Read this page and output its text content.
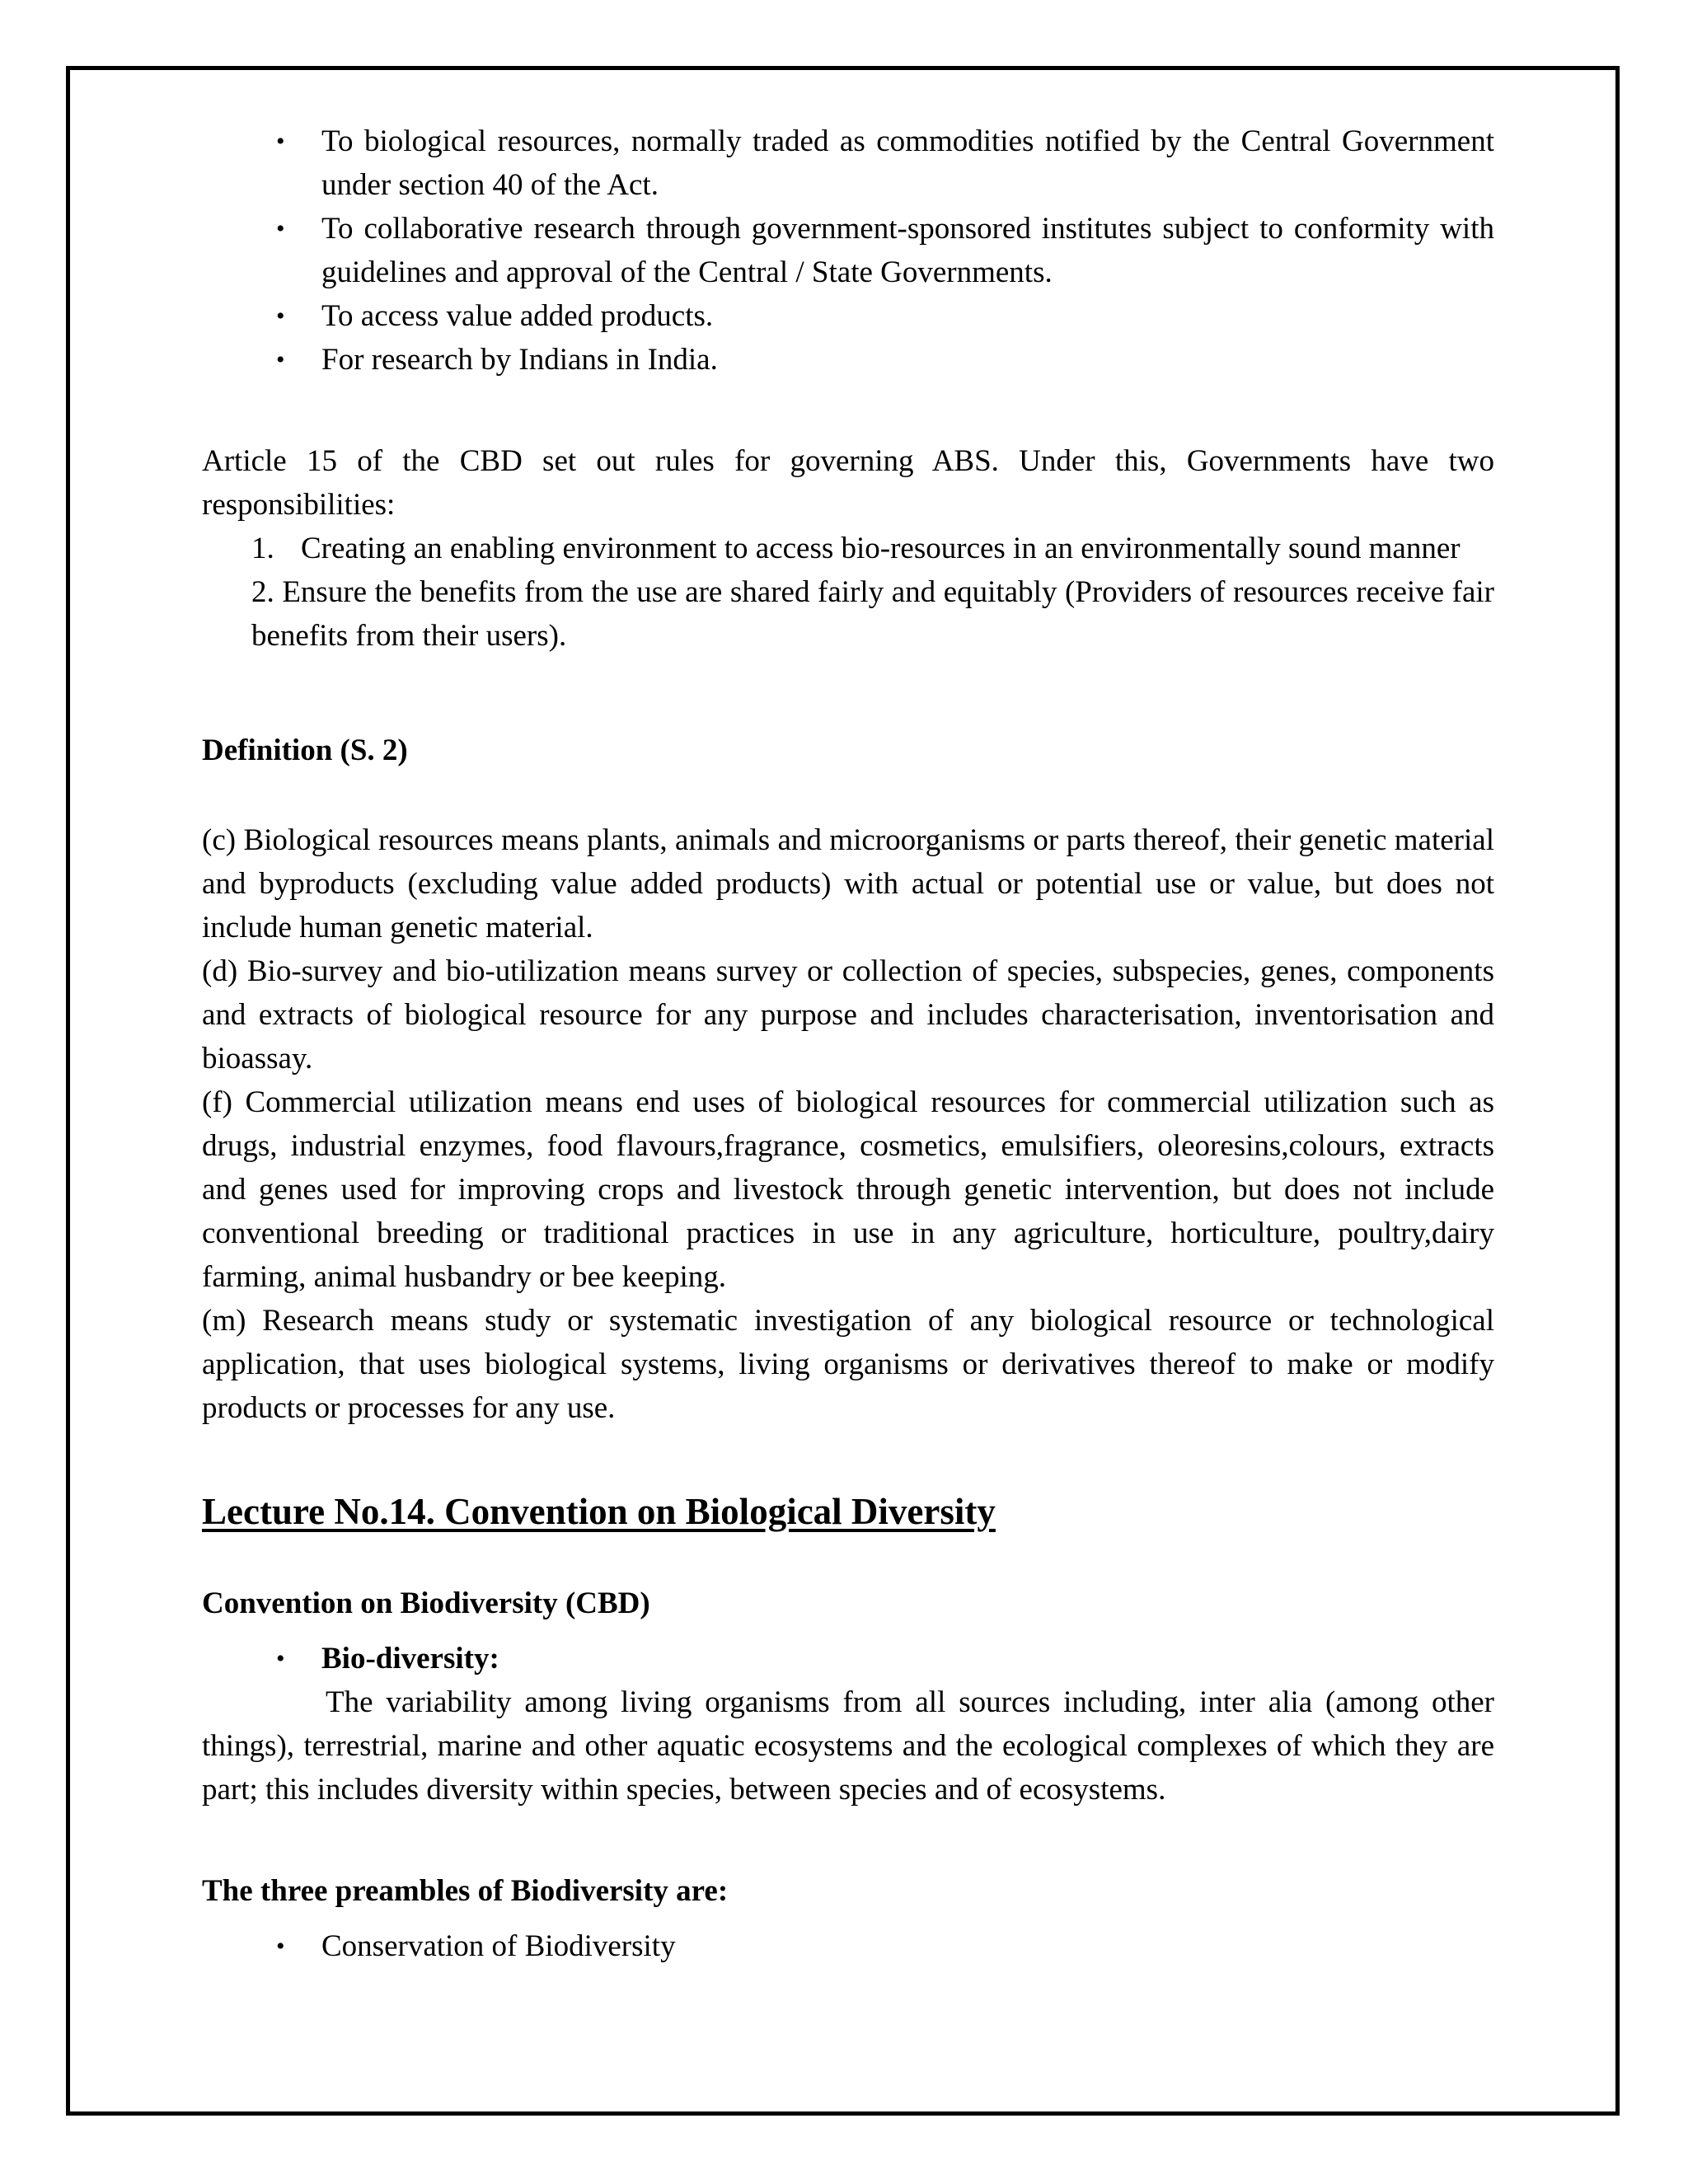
• To biological resources, normally traded as commodities notified by the Central Government under section 40 of the Act.
• To collaborative research through government-sponsored institutes subject to conformity with guidelines and approval of the Central / State Governments.
• To access value added products.
• For research by Indians in India.

Article 15 of the CBD set out rules for governing ABS. Under this, Governments have two responsibilities:

1. Creating an enabling environment to access bio-resources in an environmentally sound manner
2. Ensure the benefits from the use are shared fairly and equitably (Providers of resources receive fair benefits from their users).

Definition (S. 2)

(c) Biological resources means plants, animals and microorganisms or parts thereof, their genetic material and byproducts (excluding value added products) with actual or potential use or value, but does not include human genetic material.

(d) Bio-survey and bio-utilization means survey or collection of species, subspecies, genes, components and extracts of biological resource for any purpose and includes characterisation, inventorisation and bioassay.

(f) Commercial utilization means end uses of biological resources for commercial utilization such as drugs, industrial enzymes, food flavours,fragrance, cosmetics, emulsifiers, oleoresins,colours, extracts and genes used for improving crops and livestock through genetic intervention, but does not include conventional breeding or traditional practices in use in any agriculture, horticulture, poultry,dairy farming, animal husbandry or bee keeping.

(m) Research means study or systematic investigation of any biological resource or technological application, that uses biological systems, living organisms or derivatives thereof to make or modify products or processes for any use.

Lecture No.14. Convention on Biological Diversity

Convention on Biodiversity (CBD)

• Bio-diversity:

The variability among living organisms from all sources including, inter alia (among other things), terrestrial, marine and other aquatic ecosystems and the ecological complexes of which they are part; this includes diversity within species, between species and of ecosystems.

The three preambles of Biodiversity are:

• Conservation of Biodiversity
